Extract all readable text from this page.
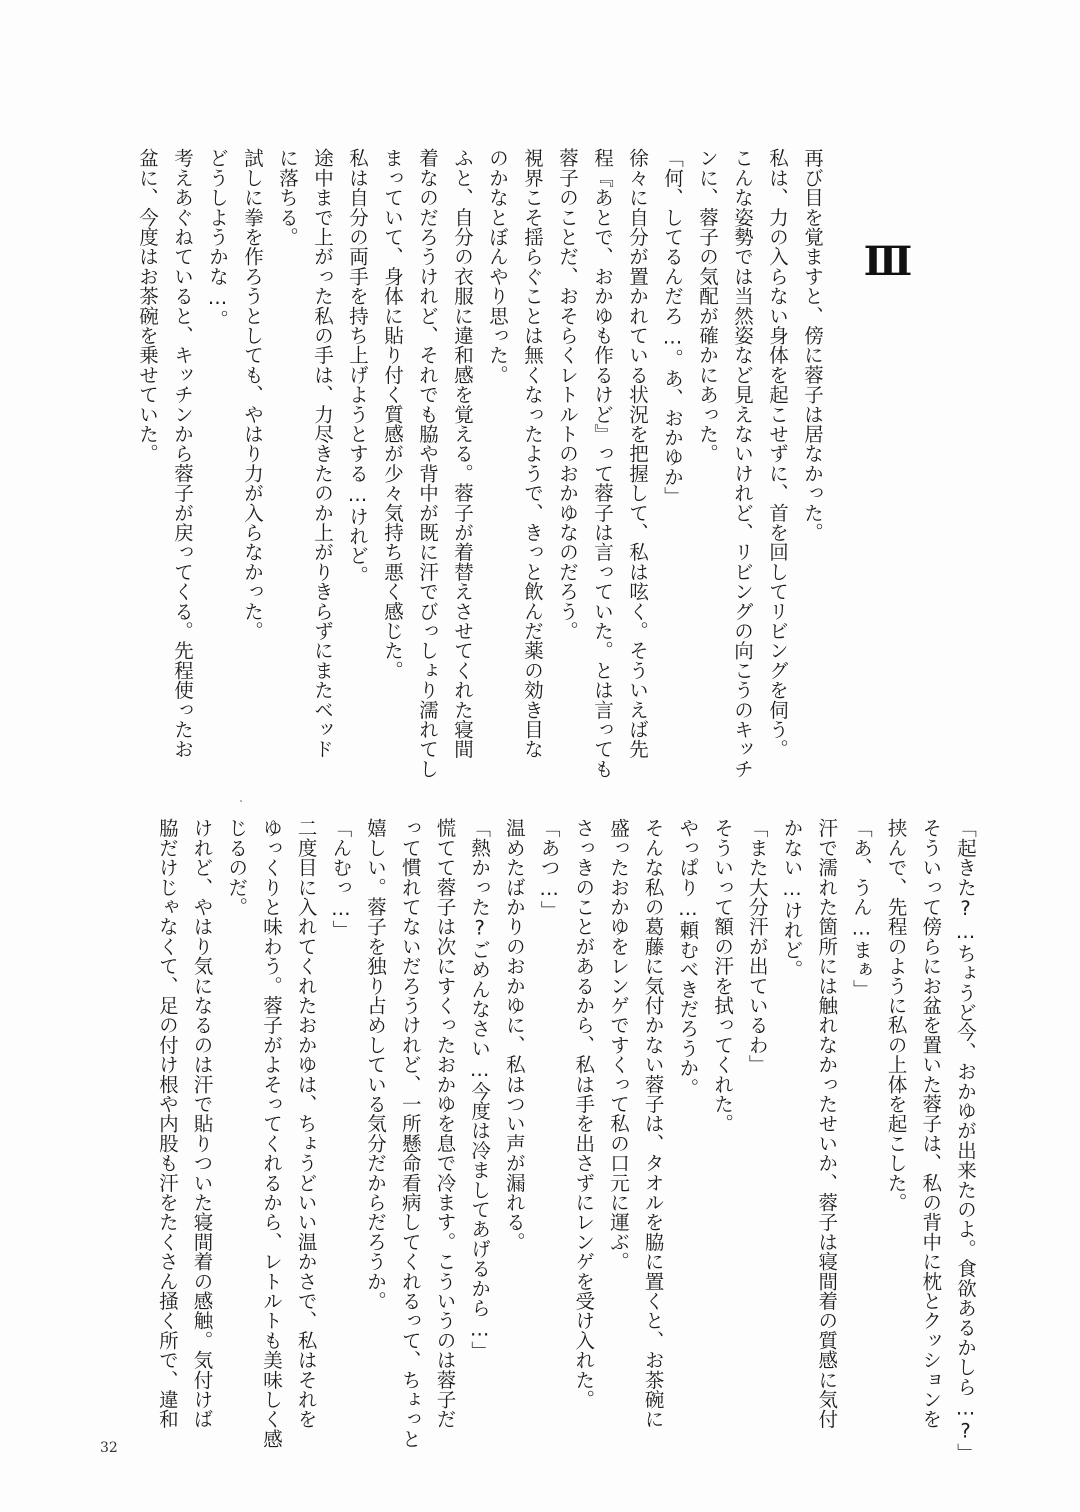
Ⅲ
再び目を覚ますと、傍に蓉子は居なかった。
私は、力の入らない身体を起こせずに、首を回してリビングを伺う。
こんな姿勢では当然姿など見えないけれど、リビングの向こうのキッチ
ンに、蓉子の気配が確かにあった。
「何、してるんだろ…。あ、おかゆか」
徐々に自分が置かれている状況を把握して、私は呟く。そういえば先
程『あとで、おかゆも作るけど』って蓉子は言っていた。とは言っても
蓉子のことだ、おそらくレトルトのおかゆなのだろう。
視界こそ揺らぐことは無くなったようで、きっと飲んだ薬の効き目な
のかなとぼんやり思った。
ふと、自分の衣服に違和感を覚える。蓉子が着替えさせてくれた寝間
着なのだろうけれど、それでも脇や背中が既に汗でびっしょり濡れてし
まっていて、身体に貼り付く質感が少々気持ち悪く感じた。
私は自分の両手を持ち上げようとする…けれど。
途中まで上がった私の手は、力尽きたのか上がりきらずにまたベッド
に落ちる。
試しに拳を作ろうとしても、やはり力が入らなかった。
どうしようかな…。
考えあぐねていると、キッチンから蓉子が戻ってくる。先程使ったお
盆に、今度はお茶碗を乗せていた。
「起きた?…ちょうど今、おかゆが出来たのよ。食欲あるかしら…?」
そういって傍らにお盆を置いた蓉子は、私の背中に枕とクッションを
挟んで、先程のように私の上体を起こした。
「あ、うん…まぁ」
汗で濡れた箇所には触れなかったせいか、蓉子は寝間着の質感に気付
かない…けれど。
「また大分汗が出ているわ」
そういって額の汗を拭ってくれた。
やっぱり…頼むべきだろうか。
そんな私の葛藤に気付かない蓉子は、タオルを脇に置くと、お茶碗に
盛ったおかゆをレンゲですくって私の口元に運ぶ。
さっきのことがあるから、私は手を出さずにレンゲを受け入れた。
「あつ…」
温めたばかりのおかゆに、私はつい声が漏れる。
「熱かった?ごめんなさい…今度は冷ましてあげるから…」
慌てて蓉子は次にすくったおかゆを息で冷ます。こういうのは蓉子だ
って慣れてないだろうけれど、一所懸命看病してくれるって、ちょっと
嬉しい。蓉子を独り占めしている気分だからだろうか。
「んむっ…」
二度目に入れてくれたおかゆは、ちょうどいい温かさで、私はそれを
ゆっくりと味わう。蓉子がよそってくれるから、レトルトも美味しく感
じるのだ。
けれど、やはり気になるのは汗で貼りついた寝間着の感触。気付けば
脇だけじゃなくて、足の付け根や内股も汗をたくさん掻く所で、違和
32
